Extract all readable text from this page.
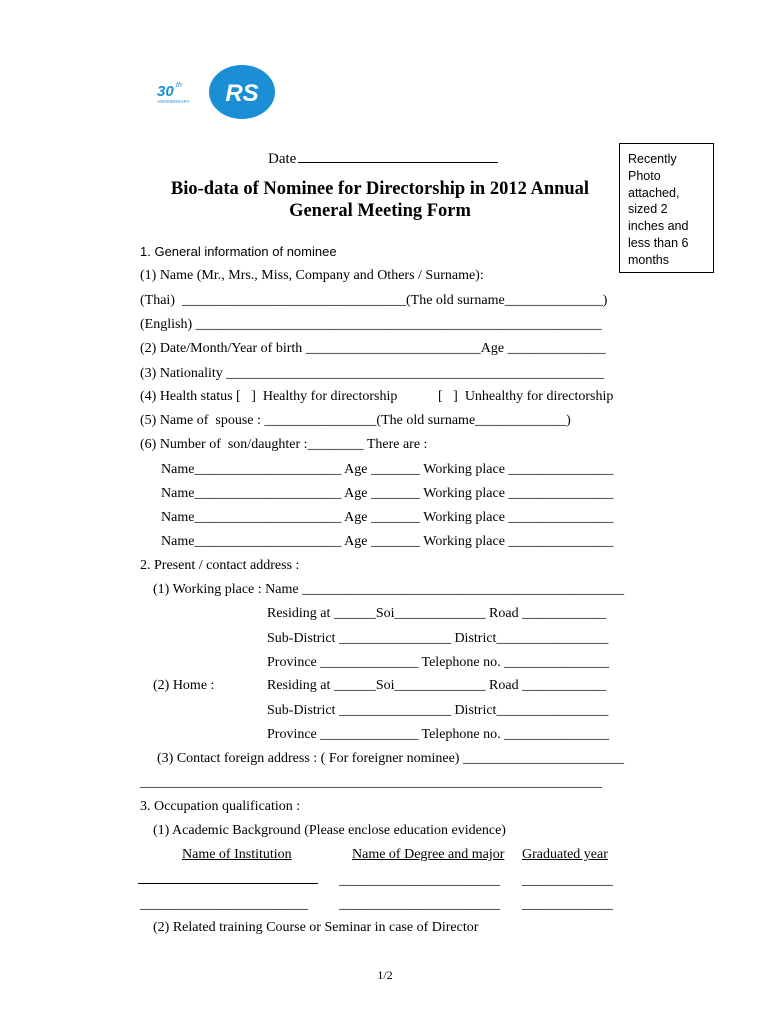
RS
30 th
ANNIVERSARY
Date
Bio-data of Nominee for Directorship in 2012 Annual
General Meeting Form
Recently Photo attached, sized 2 inches and less than 6 months
1. General information of nominee
(1) Name (Mr., Mrs., Miss, Company and Others / Surname):
(Thai)  ________________________________(The old surname______________)
(English) __________________________________________________________
(2) Date/Month/Year of birth _________________________Age ______________
(3) Nationality ______________________________________________________
(4) Health status [   ]  Healthy for directorship	[   ]  Unhealthy for directorship
(5) Name of  spouse : ________________(The old surname_____________)
(6) Number of  son/daughter :________ There are :
Name_____________________ Age _______ Working place _______________
Name_____________________ Age _______ Working place _______________
Name_____________________ Age _______ Working place _______________
Name_____________________ Age _______ Working place _______________
2. Present / contact address :
(1) Working place : Name ______________________________________________
Residing at ______Soi_____________ Road ____________
Sub-District ________________ District________________
Province ______________ Telephone no. _______________
(2) Home :	Residing at ______Soi_____________ Road ____________
Sub-District ________________ District________________
Province ______________ Telephone no. _______________
(3) Contact foreign address : ( For foreigner nominee) _______________________
__________________________________________________________________
3. Occupation qualification :
(1) Academic Background (Please enclose education evidence)
Name of Institution	Name of Degree and major Graduated year
_______________________ _____________
________________________ _______________________ _____________
(2) Related training Course or Seminar in case of Director
1/2
